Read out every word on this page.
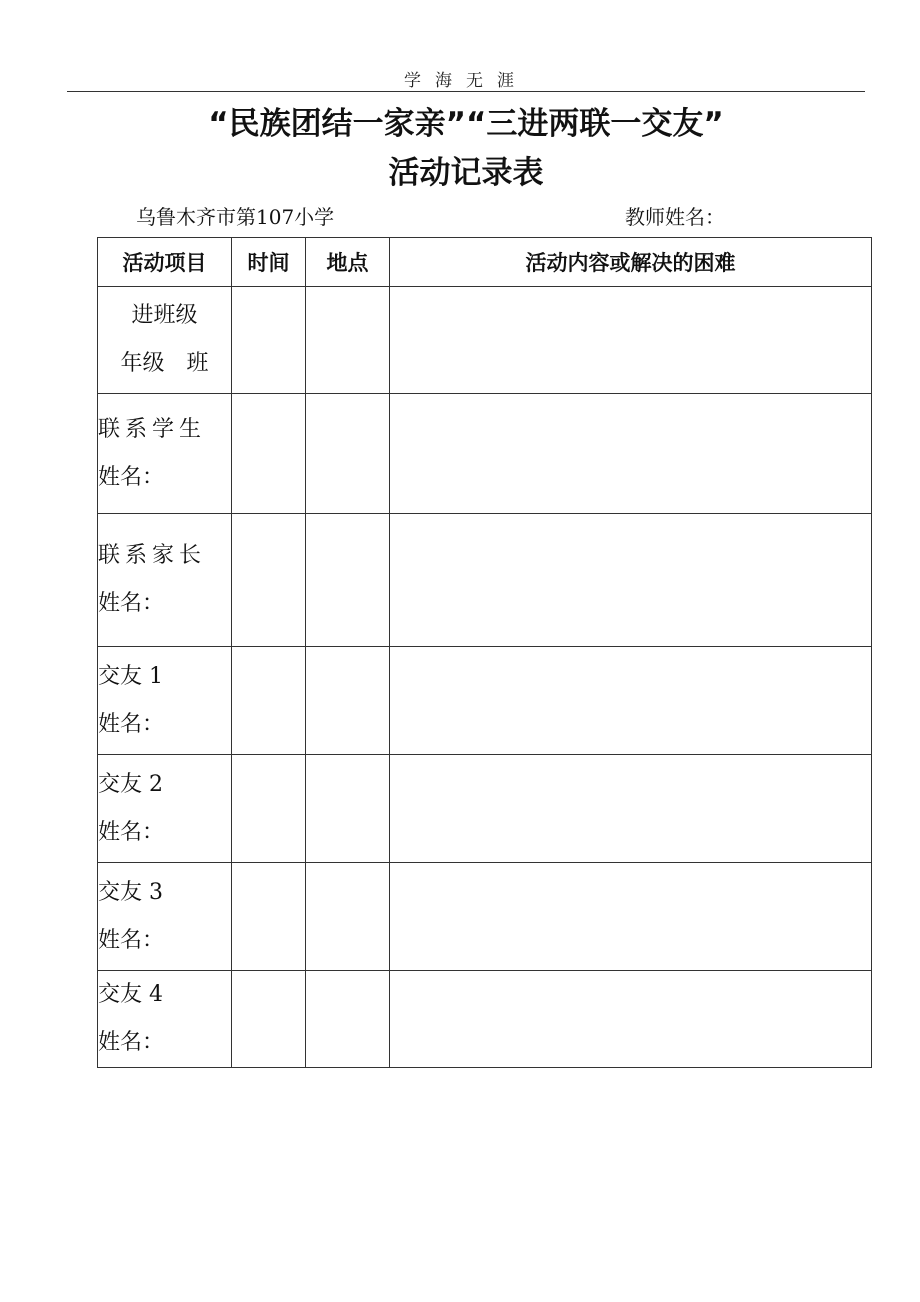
学海无涯
“民族团结一家亲”“三进两联一交友”
活动记录表
乌鲁木齐市第107小学	教师姓名：
活动项目	时间	地点	活动内容或解决的困难

进班级
年级　班			

联系学生
姓名：			

联系家长
姓名：			

交友 1
姓名：			

交友 2
姓名：			

交友 3
姓名：			

交友 4
姓名：			
